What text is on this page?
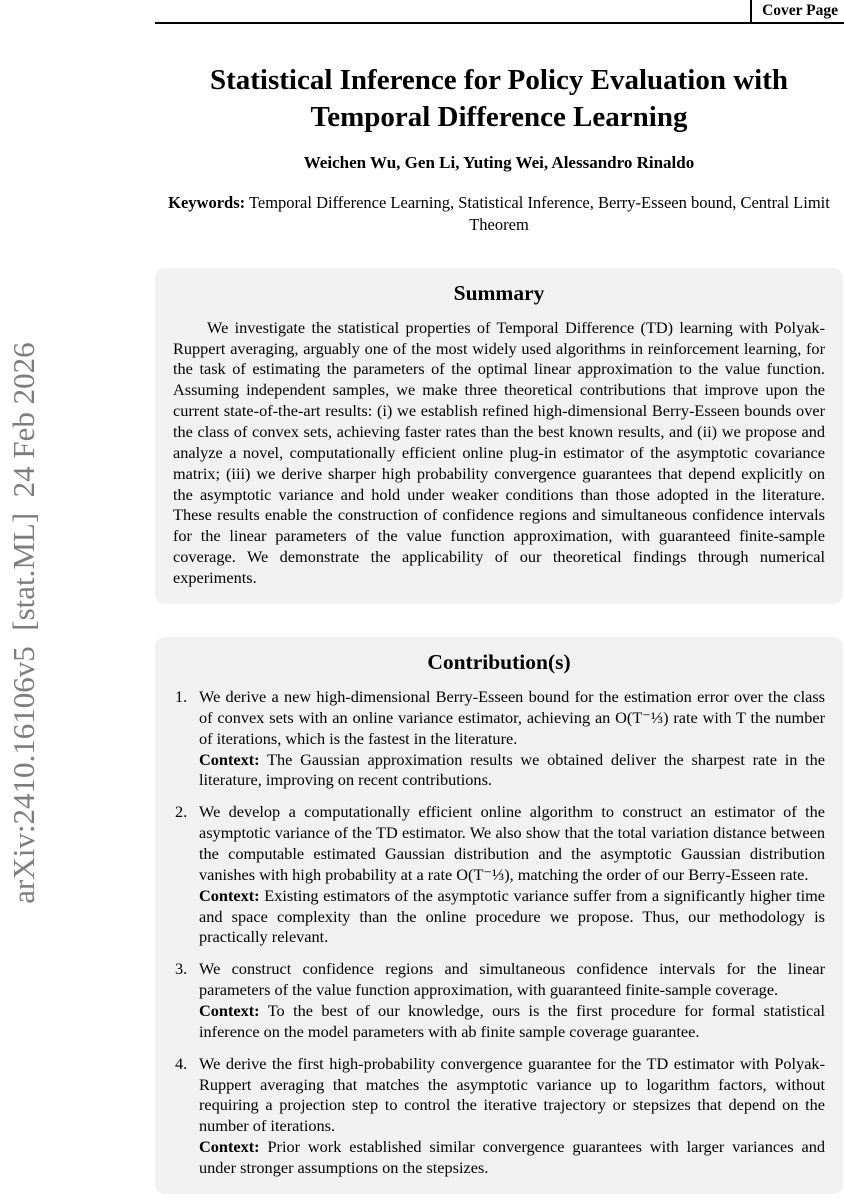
arXiv:2410.16106v5  [stat.ML]  24 Feb 2026
Cover Page
Statistical Inference for Policy Evaluation with Temporal Difference Learning
Weichen Wu, Gen Li, Yuting Wei, Alessandro Rinaldo
Keywords: Temporal Difference Learning, Statistical Inference, Berry-Esseen bound, Central Limit Theorem
Summary

We investigate the statistical properties of Temporal Difference (TD) learning with Polyak-Ruppert averaging, arguably one of the most widely used algorithms in reinforcement learning, for the task of estimating the parameters of the optimal linear approximation to the value function. Assuming independent samples, we make three theoretical contributions that improve upon the current state-of-the-art results: (i) we establish refined high-dimensional Berry-Esseen bounds over the class of convex sets, achieving faster rates than the best known results, and (ii) we propose and analyze a novel, computationally efficient online plug-in estimator of the asymptotic covariance matrix; (iii) we derive sharper high probability convergence guarantees that depend explicitly on the asymptotic variance and hold under weaker conditions than those adopted in the literature. These results enable the construction of confidence regions and simultaneous confidence intervals for the linear parameters of the value function approximation, with guaranteed finite-sample coverage. We demonstrate the applicability of our theoretical findings through numerical experiments.

Contribution(s)

We derive a new high-dimensional Berry-Esseen bound for the estimation error over the class of convex sets with an online variance estimator, achieving an O(T⁻⅓) rate with T the number of iterations, which is the fastest in the literature.

Context: The Gaussian approximation results we obtained deliver the sharpest rate in the literature, improving on recent contributions.

We develop a computationally efficient online algorithm to construct an estimator of the asymptotic variance of the TD estimator. We also show that the total variation distance between the computable estimated Gaussian distribution and the asymptotic Gaussian distribution vanishes with high probability at a rate O(T⁻⅓), matching the order of our Berry-Esseen rate.

Context: Existing estimators of the asymptotic variance suffer from a significantly higher time and space complexity than the online procedure we propose. Thus, our methodology is practically relevant.

We construct confidence regions and simultaneous confidence intervals for the linear parameters of the value function approximation, with guaranteed finite-sample coverage.

Context: To the best of our knowledge, ours is the first procedure for formal statistical inference on the model parameters with ab finite sample coverage guarantee.

We derive the first high-probability convergence guarantee for the TD estimator with Polyak-Ruppert averaging that matches the asymptotic variance up to logarithm factors, without requiring a projection step to control the iterative trajectory or stepsizes that depend on the number of iterations.

Context: Prior work established similar convergence guarantees with larger variances and under stronger assumptions on the stepsizes.
